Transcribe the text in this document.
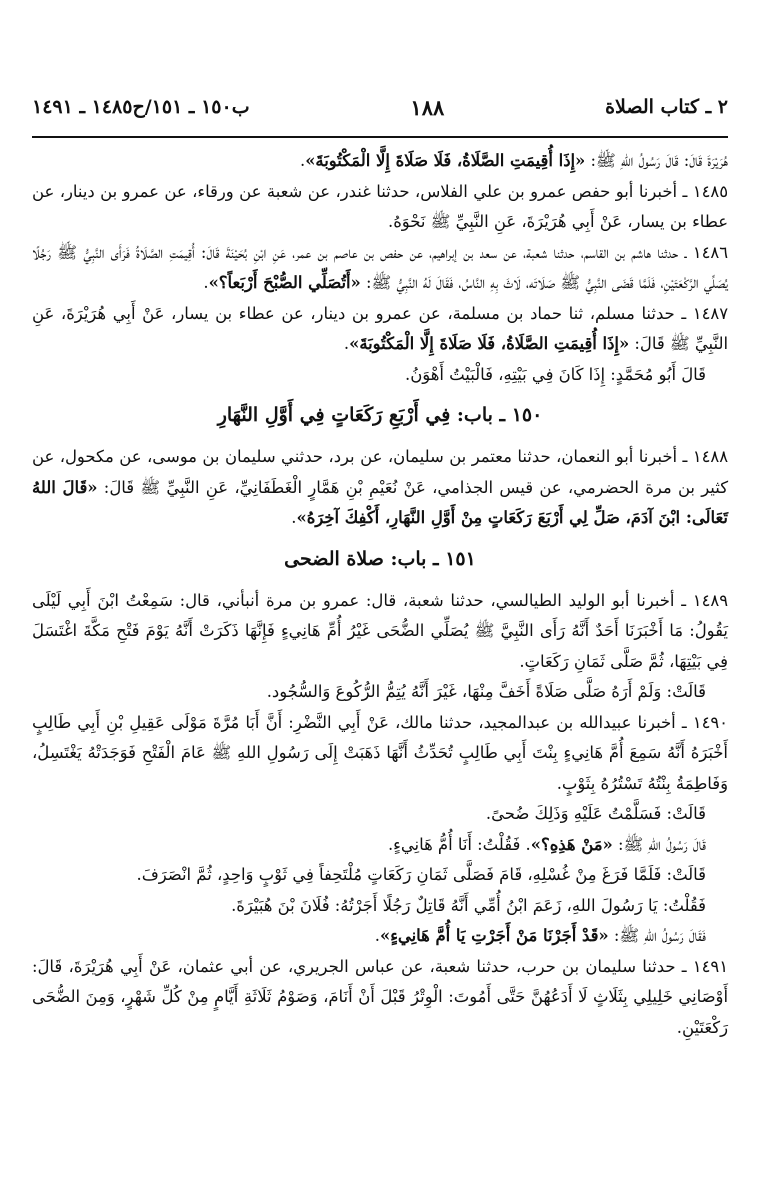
٢ ـ كتاب الصلاة
١٨٨
ب١٥٠ ـ ١٥١/ح١٤٨٥ ـ ١٤٩١

هُرَيْرَةَ قَالَ: قَالَ رَسُولُ اللهِ ﷺ: «إِذَا أُقِيمَتِ الصَّلَاةُ، فَلَا صَلَاةَ إِلَّا الْمَكْتُوبَةَ».

١٤٨٥ ـ أخبرنا أبو حفص عمرو بن علي الفلاس، حدثنا غندر، عن شعبة عن ورقاء، عن عمرو بن دينار، عن عطاء بن يسار، عَنْ أَبِي هُرَيْرَةَ، عَنِ النَّبِيِّ ﷺ نَحْوَهُ.

١٤٨٦ ـ حدثنا هاشم بن القاسم، حدثنا شعبة، عن سعد بن إبراهيم، عن حفص بن عاصم بن عمر، عَنِ ابْنِ بُحَيْنَةَ قَالَ: أُقِيمَتِ الصَّلَاةُ فَرَأَى النَّبِيُّ ﷺ رَجُلًا يُصَلِّي الرَّكْعَتَيْنِ، فَلَمَّا قَضَى النَّبِيُّ ﷺ صَلَاتَه، لَاثَ بِهِ النَّاسُ، فَقَالَ لَهُ النَّبِيُّ ﷺ: «أَتُصَلِّي الصُّبْحَ أَرْبَعاً؟».

١٤٨٧ ـ حدثنا مسلم، ثنا حماد بن مسلمة، عن عمرو بن دينار، عن عطاء بن يسار، عَنْ أَبِي هُرَيْرَةَ، عَنِ النَّبِيِّ ﷺ قَالَ: «إِذَا أُقِيمَتِ الصَّلَاةُ، فَلَا صَلَاةَ إِلَّا الْمَكْتُوبَةَ».

قَالَ أَبُو مُحَمَّدٍ: إِذَا كَانَ فِي بَيْتِهِ، فَالْبَيْتُ أَهْوَنُ.

١٥٠ ـ باب: فِي أَرْبَعِ رَكَعَاتٍ فِي أَوَّلِ النَّهَارِ

١٤٨٨ ـ أخبرنا أبو النعمان، حدثنا معتمر بن سليمان، عن برد، حدثني سليمان بن موسى، عن مكحول، عن كثير بن مرة الحضرمي، عن قيس الجذامي، عَنْ نُعَيْمِ بْنِ هَمَّارٍ الْغَطَفَانِيِّ، عَنِ النَّبِيِّ ﷺ قَالَ: «قَالَ اللهُ تَعَالَى: ابْنَ آدَمَ، صَلِّ لِي أَرْبَعَ رَكَعَاتٍ مِنْ أَوَّلِ النَّهَارِ، أَكْفِكَ آخِرَهُ».

١٥١ ـ باب: صلاة الضحى

١٤٨٩ ـ أخبرنا أبو الوليد الطيالسي، حدثنا شعبة، قال: عمرو بن مرة أنبأني، قال: سَمِعْتُ ابْنَ أَبِي لَيْلَى يَقُولُ: مَا أَخْبَرَنَا أَحَدٌ أَنَّهُ رَأَى النَّبِيَّ ﷺ يُصَلِّي الضُّحَى غَيْرُ أُمِّ هَانِيءٍ فَإِنَّهَا ذَكَرَتْ أَنَّهُ يَوْمَ فَتْحِ مَكَّةَ اغْتَسَلَ فِي بَيْتِهَا، ثُمَّ صَلَّى ثَمَانِ رَكَعَاتٍ.

قَالَتْ: وَلَمْ أَرَهُ صَلَّى صَلَاةً أَخَفَّ مِنْهَا، غَيْرَ أَنَّهُ يُتِمُّ الرُّكُوعَ وَالسُّجُود.

١٤٩٠ ـ أخبرنا عبيدالله بن عبدالمجيد، حدثنا مالك، عَنْ أَبِي النَّضْرِ: أَنَّ أَبَا مُرَّةَ مَوْلَى عَقِيلِ بْنِ أَبِي طَالِبٍ أَخْبَرَهُ أَنَّهُ سَمِعَ أُمَّ هَانِيءٍ بِنْتَ أَبِي طَالِبٍ تُحَدِّثُ أَنَّهَا ذَهَبَتْ إِلَى رَسُولِ اللهِ ﷺ عَامَ الْفَتْحِ فَوَجَدَتْهُ يَغْتَسِلُ، وَفَاطِمَةُ بِنْتُهُ تَسْتُرُهُ بِثَوْبٍ.

قَالَتْ: فَسَلَّمْتُ عَلَيْهِ وَذَلِكَ ضُحىً.

قَالَ رَسُولُ اللهِ ﷺ: «مَنْ هَذِهِ؟». فَقُلْتُ: أَنَا أُمُّ هَانِيءٍ.

قَالَتْ: فَلَمَّا فَرَغَ مِنْ غُسْلِهِ، قَامَ فَصَلَّى ثَمَانِ رَكَعَاتٍ مُلْتَحِفاً فِي ثَوْبٍ وَاحِدٍ، ثُمَّ انْصَرَفَ.

فَقُلْتُ: يَا رَسُولَ اللهِ، زَعَمَ ابْنُ أُمِّي أَنَّهُ قَاتِلٌ رَجُلًا أَجَرْتُهُ: فُلَانَ بْنَ هُبَيْرَةَ.

فَقَالَ رَسُولُ اللهِ ﷺ: «قَدْ أَجَرْنَا مَنْ أَجَرْتِ يَا أُمَّ هَانِيءٍ».

١٤٩١ ـ حدثنا سليمان بن حرب، حدثنا شعبة، عن عباس الجريري، عن أبي عثمان، عَنْ أَبِي هُرَيْرَةَ، قَالَ: أَوْصَانِي خَلِيلِي بِثَلَاثٍ لَا أَدَعُهُنَّ حَتَّى أَمُوتَ: الْوِتْرُ قَبْلَ أَنْ أَنَامَ، وَصَوْمُ ثَلَاثَةِ أَيَّامٍ مِنْ كُلِّ شَهْرٍ، وَمِنَ الضُّحَى رَكْعَتَيْنِ.
